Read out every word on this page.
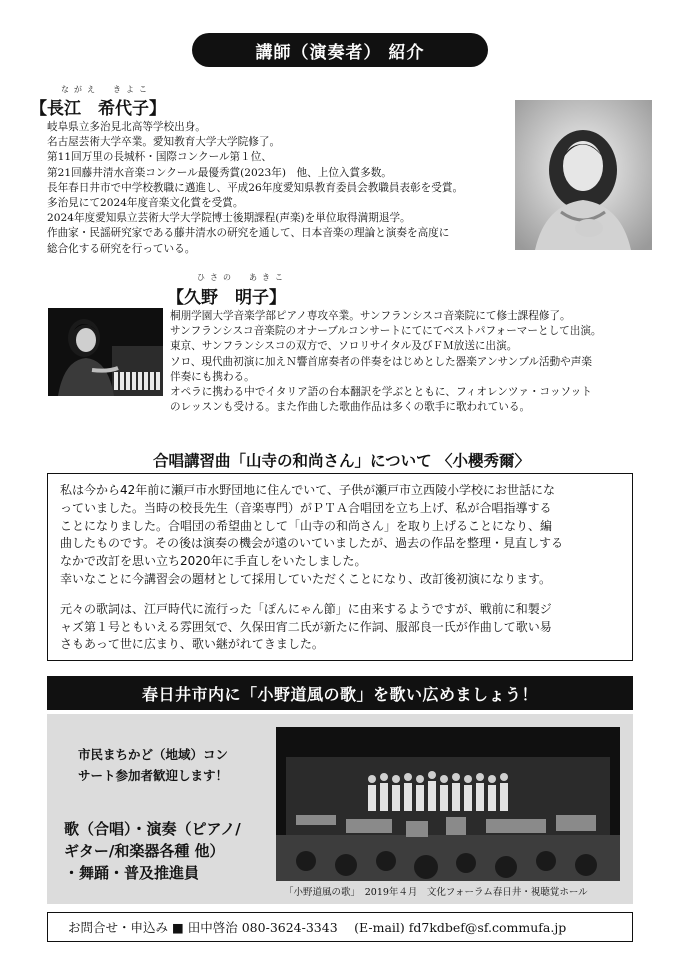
講師（演奏者） 紹介
ながえ　きよこ
【長江　希代子】
岐阜県立多治見北高等学校出身。
名古屋芸術大学卒業。愛知教育大学大学院修了。
第11回万里の長城杯・国際コンクール第１位、
第21回藤井清水音楽コンクール最優秀賞(2023年)　他、上位入賞多数。
長年春日井市で中学校教職に邁進し、平成26年度愛知県教育委員会教職員表彰を受賞。
多治見にて2024年度音楽文化賞を受賞。
2024年度愛知県立芸術大学大学院博士後期課程(声楽)を単位取得満期退学。
作曲家・民謡研究家である藤井清水の研究を通して、日本音楽の理論と演奏を高度に
総合化する研究を行っている。
ひさの　あきこ
【久野　明子】
桐朋学園大学音楽学部ピアノ専攻卒業。サンフランシスコ音楽院にて修士課程修了。
サンフランシスコ音楽院のオナーブルコンサートにてにてベストパフォーマーとして出演。
東京、サンフランシスコの双方で、ソロリサイタル及びＦＭ放送に出演。
ソロ、現代曲初演に加えＮ響首席奏者の伴奏をはじめとした器楽アンサンブル活動や声楽
伴奏にも携わる。
オペラに携わる中でイタリア語の台本翻訳を学ぶとともに、フィオレンツァ・コッソット
のレッスンも受ける。また作曲した歌曲作品は多くの歌手に歌われている。
合唱講習曲「山寺の和尚さん」について 〈小櫻秀爾〉
私は今から42年前に瀬戸市水野団地に住んでいて、子供が瀬戸市立西陵小学校にお世話にな
っていました。当時の校長先生（音楽専門）がＰＴＡ合唱団を立ち上げ、私が合唱指導する
ことになりました。合唱団の希望曲として「山寺の和尚さん」を取り上げることになり、編
曲したものです。その後は演奏の機会が遠のいていましたが、過去の作品を整理・見直しする
なかで改訂を思い立ち2020年に手直しをいたしました。
幸いなことに今講習会の題材として採用していただくことになり、改訂後初演になります。
元々の歌詞は、江戸時代に流行った「ぽんにゃん節」に由来するようですが、戦前に和製ジ
ャズ第１号ともいえる雰囲気で、久保田宵二氏が新たに作詞、服部良一氏が作曲して歌い易
さもあって世に広まり、歌い継がれてきました。
春日井市内に「小野道風の歌」を歌い広めましょう！
市民まちかど（地域）コン
サート参加者歓迎します！
歌（合唱）・演奏（ピアノ/
ギター/和楽器各種 他）
・舞踊・普及推進員
「小野道風の歌」　2019年４月　文化フォーラム春日井・視聴覚ホール
お問合せ・申込み ■ 田中啓治 080-3624-3343　 (E-mail) fd7kdbef@sf.commufa.jp
